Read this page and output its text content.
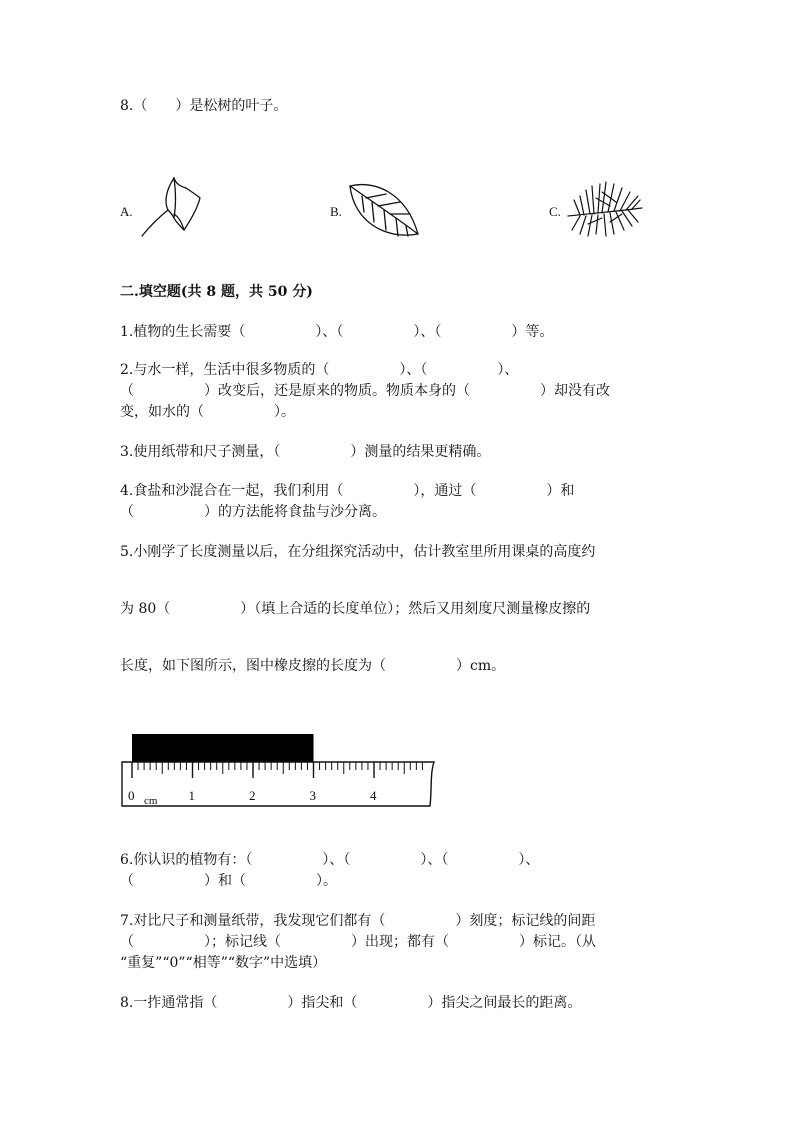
8.（　　）是松树的叶子。
A.	B.	C.
二.填空题(共 8 题，共 50 分)
1.植物的生长需要（　　　　　）、（　　　　　）、（　　　　　）等。
2.与水一样，生活中很多物质的（　　　　　）、（　　　　　）、
（　　　　　）改变后，还是原来的物质。物质本身的（　　　　　）却没有改
变，如水的（　　　　　）。
3.使用纸带和尺子测量，（　　　　　）测量的结果更精确。
4.食盐和沙混合在一起，我们利用（　　　　　），通过（　　　　　）和
（　　　　　）的方法能将食盐与沙分离。
5.小刚学了长度测量以后，在分组探究活动中，估计教室里所用课桌的高度约
为 80（　　　　　）（填上合适的长度单位）；然后又用刻度尺测量橡皮擦的
长度，如下图所示，图中橡皮擦的长度为（　　　　　）cm。
0	1	2	3	4
cm
6.你认识的植物有：（　　　　　）、（　　　　　）、（　　　　　）、
（　　　　　）和（　　　　　）。
7.对比尺子和测量纸带，我发现它们都有（　　　　　）刻度；标记线的间距
（　　　　　）；标记线（　　　　　）出现；都有（　　　　　）标记。（从
“重复”“0”“相等”“数字”中选填）
8.一拃通常指（　　　　　）指尖和（　　　　　）指尖之间最长的距离。
